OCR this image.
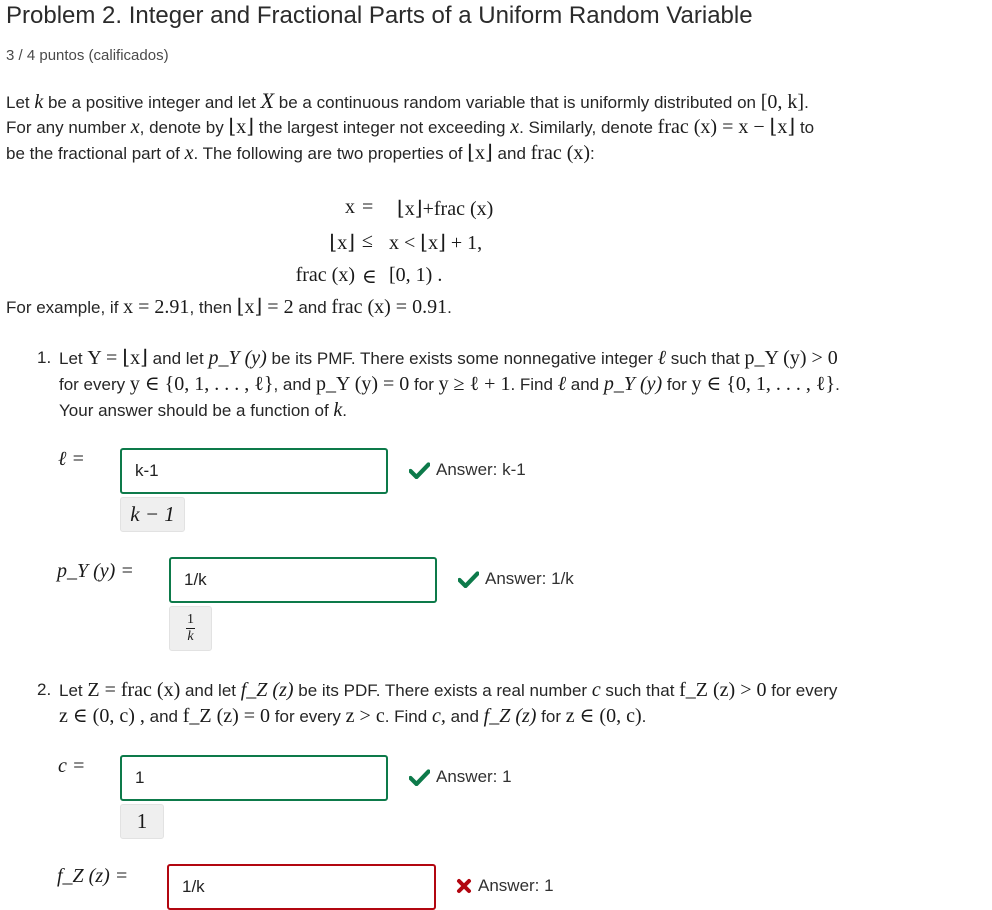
Problem 2. Integer and Fractional Parts of a Uniform Random Variable
3 / 4 puntos (calificados)
Let k be a positive integer and let X be a continuous random variable that is uniformly distributed on [0, k].
For any number x, denote by ⌊x⌋ the largest integer not exceeding x. Similarly, denote frac (x) = x − ⌊x⌋ to
be the fractional part of x. The following are two properties of ⌊x⌋ and frac (x):
x = ⌊x⌋+frac (x)
⌊x⌋ ≤ x < ⌊x⌋ + 1,
frac (x) ∈ [0, 1) .
For example, if x = 2.91, then ⌊x⌋ = 2 and frac (x) = 0.91.
1. Let Y = ⌊x⌋ and let p_Y (y) be its PMF. There exists some nonnegative integer ℓ such that p_Y (y) > 0
for every y ∈ {0, 1, . . . , ℓ}, and p_Y (y) = 0 for y ≥ ℓ + 1. Find ℓ and p_Y (y) for y ∈ {0, 1, . . . , ℓ}.
Your answer should be a function of k.
ℓ =
k-1
k − 1
Answer: k-1
p_Y (y) =	1/k
$\frac{1}{k}$
Answer: 1/k
2. Let Z = frac (x) and let f_Z (z) be its PDF. There exists a real number c such that f_Z (z) > 0 for every
z ∈ (0, c) , and f_Z (z) = 0 for every z > c. Find c, and f_Z (z) for z ∈ (0, c).
c =
1
1
Answer: 1
f_Z (z) =	1/k	Answer: 1
